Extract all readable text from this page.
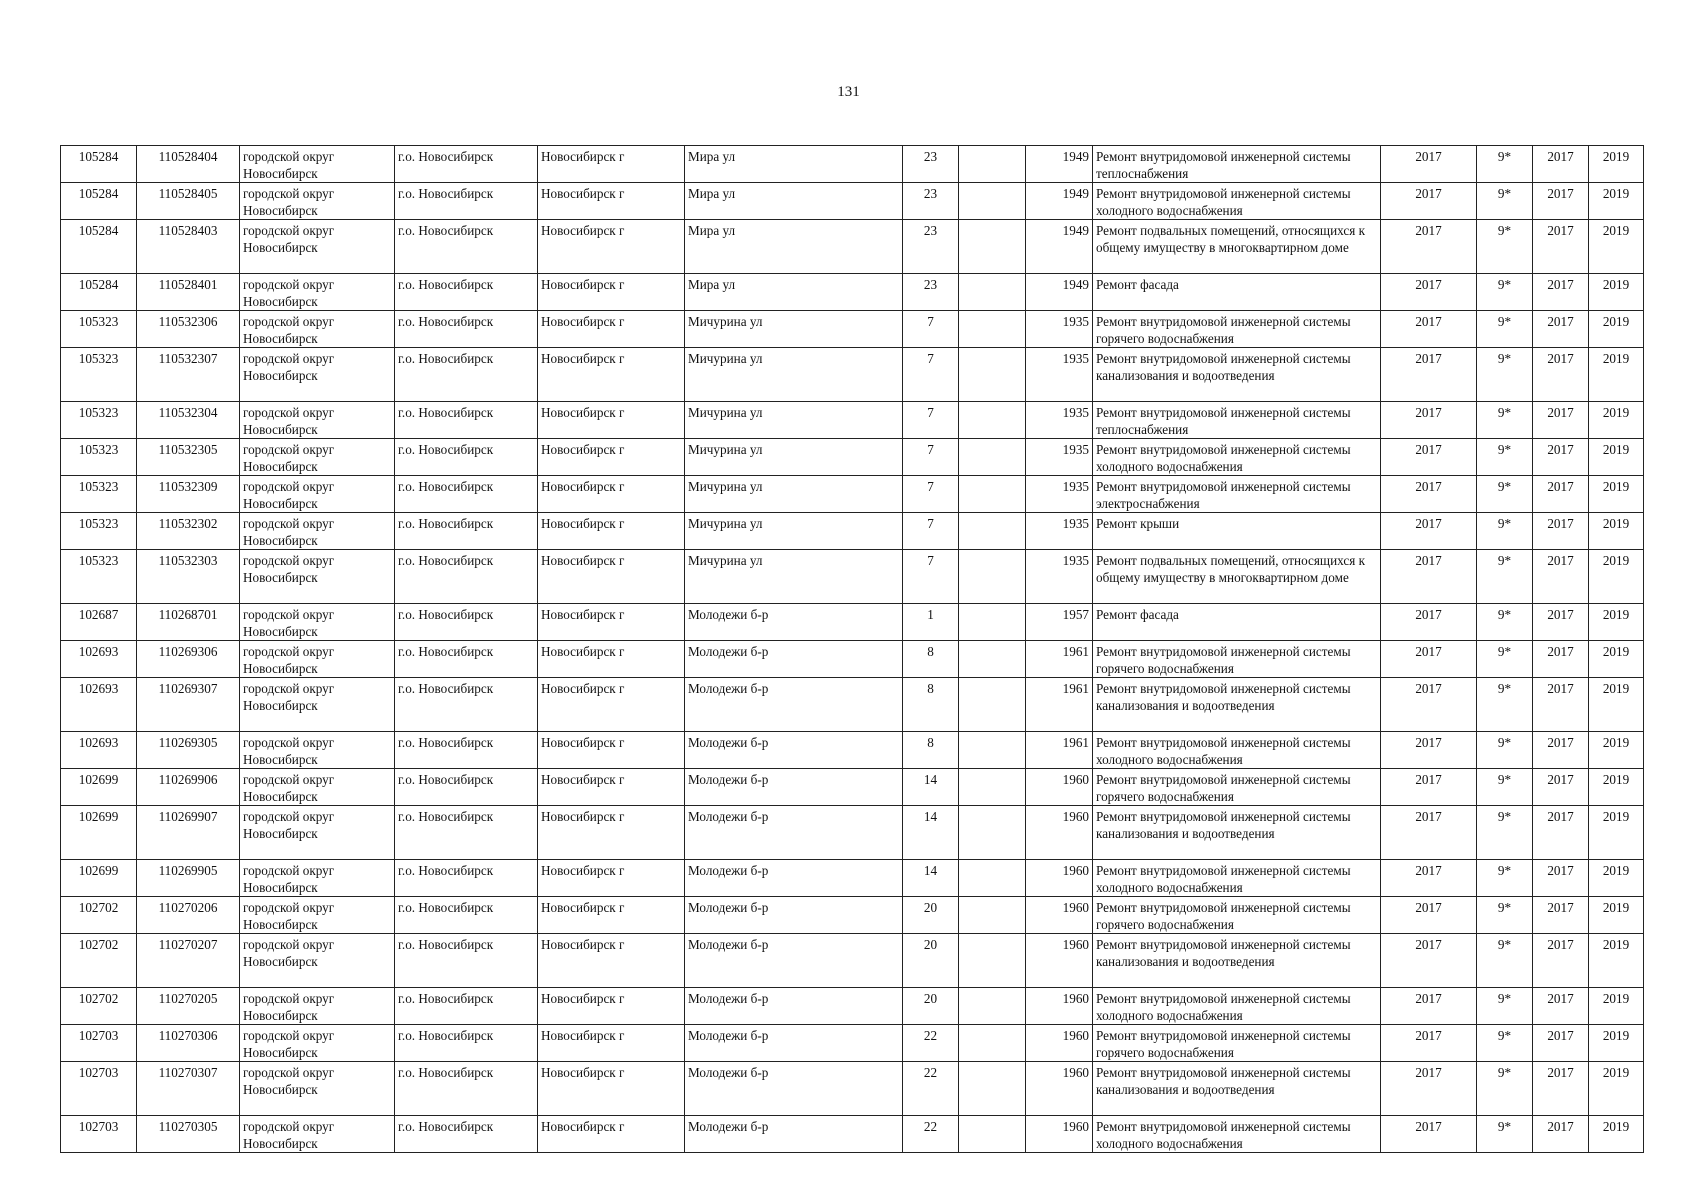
131
105284	110528404	городской округ Новосибирск	г.о. Новосибирск	Новосибирск г	Мира ул	23		1949	Ремонт внутридомовой инженерной системы теплоснабжения	2017	9*	2017	2019
105284	110528405	городской округ Новосибирск	г.о. Новосибирск	Новосибирск г	Мира ул	23		1949	Ремонт внутридомовой инженерной системы холодного водоснабжения	2017	9*	2017	2019
105284	110528403	городской округ Новосибирск	г.о. Новосибирск	Новосибирск г	Мира ул	23		1949	Ремонт подвальных помещений, относящихся к общему имуществу в многоквартирном доме	2017	9*	2017	2019
105284	110528401	городской округ Новосибирск	г.о. Новосибирск	Новосибирск г	Мира ул	23		1949	Ремонт фасада	2017	9*	2017	2019
105323	110532306	городской округ Новосибирск	г.о. Новосибирск	Новосибирск г	Мичурина ул	7		1935	Ремонт внутридомовой инженерной системы горячего водоснабжения	2017	9*	2017	2019
105323	110532307	городской округ Новосибирск	г.о. Новосибирск	Новосибирск г	Мичурина ул	7		1935	Ремонт внутридомовой инженерной системы канализования и водоотведения	2017	9*	2017	2019
105323	110532304	городской округ Новосибирск	г.о. Новосибирск	Новосибирск г	Мичурина ул	7		1935	Ремонт внутридомовой инженерной системы теплоснабжения	2017	9*	2017	2019
105323	110532305	городской округ Новосибирск	г.о. Новосибирск	Новосибирск г	Мичурина ул	7		1935	Ремонт внутридомовой инженерной системы холодного водоснабжения	2017	9*	2017	2019
105323	110532309	городской округ Новосибирск	г.о. Новосибирск	Новосибирск г	Мичурина ул	7		1935	Ремонт внутридомовой инженерной системы электроснабжения	2017	9*	2017	2019
105323	110532302	городской округ Новосибирск	г.о. Новосибирск	Новосибирск г	Мичурина ул	7		1935	Ремонт крыши	2017	9*	2017	2019
105323	110532303	городской округ Новосибирск	г.о. Новосибирск	Новосибирск г	Мичурина ул	7		1935	Ремонт подвальных помещений, относящихся к общему имуществу в многоквартирном доме	2017	9*	2017	2019
102687	110268701	городской округ Новосибирск	г.о. Новосибирск	Новосибирск г	Молодежи б-р	1		1957	Ремонт фасада	2017	9*	2017	2019
102693	110269306	городской округ Новосибирск	г.о. Новосибирск	Новосибирск г	Молодежи б-р	8		1961	Ремонт внутридомовой инженерной системы горячего водоснабжения	2017	9*	2017	2019
102693	110269307	городской округ Новосибирск	г.о. Новосибирск	Новосибирск г	Молодежи б-р	8		1961	Ремонт внутридомовой инженерной системы канализования и водоотведения	2017	9*	2017	2019
102693	110269305	городской округ Новосибирск	г.о. Новосибирск	Новосибирск г	Молодежи б-р	8		1961	Ремонт внутридомовой инженерной системы холодного водоснабжения	2017	9*	2017	2019
102699	110269906	городской округ Новосибирск	г.о. Новосибирск	Новосибирск г	Молодежи б-р	14		1960	Ремонт внутридомовой инженерной системы горячего водоснабжения	2017	9*	2017	2019
102699	110269907	городской округ Новосибирск	г.о. Новосибирск	Новосибирск г	Молодежи б-р	14		1960	Ремонт внутридомовой инженерной системы канализования и водоотведения	2017	9*	2017	2019
102699	110269905	городской округ Новосибирск	г.о. Новосибирск	Новосибирск г	Молодежи б-р	14		1960	Ремонт внутридомовой инженерной системы холодного водоснабжения	2017	9*	2017	2019
102702	110270206	городской округ Новосибирск	г.о. Новосибирск	Новосибирск г	Молодежи б-р	20		1960	Ремонт внутридомовой инженерной системы горячего водоснабжения	2017	9*	2017	2019
102702	110270207	городской округ Новосибирск	г.о. Новосибирск	Новосибирск г	Молодежи б-р	20		1960	Ремонт внутридомовой инженерной системы канализования и водоотведения	2017	9*	2017	2019
102702	110270205	городской округ Новосибирск	г.о. Новосибирск	Новосибирск г	Молодежи б-р	20		1960	Ремонт внутридомовой инженерной системы холодного водоснабжения	2017	9*	2017	2019
102703	110270306	городской округ Новосибирск	г.о. Новосибирск	Новосибирск г	Молодежи б-р	22		1960	Ремонт внутридомовой инженерной системы горячего водоснабжения	2017	9*	2017	2019
102703	110270307	городской округ Новосибирск	г.о. Новосибирск	Новосибирск г	Молодежи б-р	22		1960	Ремонт внутридомовой инженерной системы канализования и водоотведения	2017	9*	2017	2019
102703	110270305	городской округ Новосибирск	г.о. Новосибирск	Новосибирск г	Молодежи б-р	22		1960	Ремонт внутридомовой инженерной системы холодного водоснабжения	2017	9*	2017	2019
